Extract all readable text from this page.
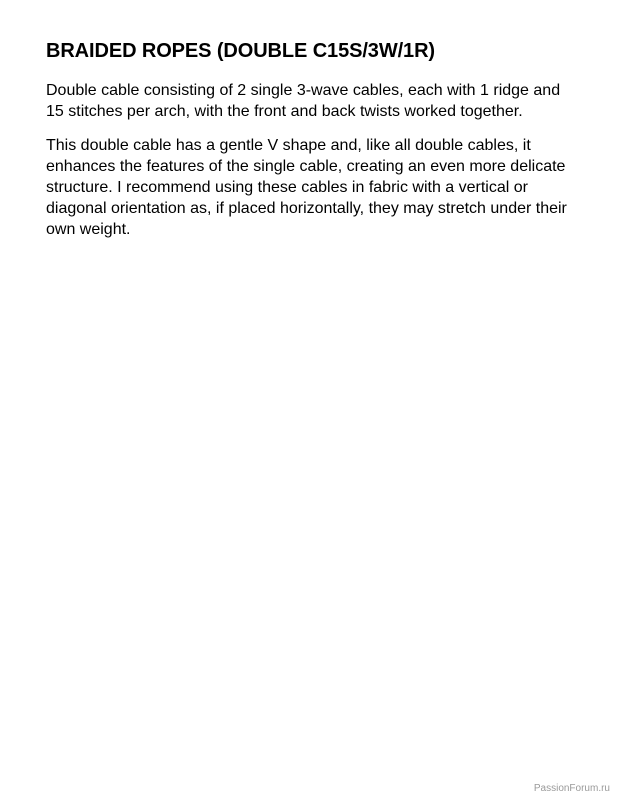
BRAIDED ROPES (DOUBLE C15S/3W/1R)

Double cable consisting of 2 single 3-wave cables, each with 1 ridge and 15 stitches per arch, with the front and back twists worked together.

This double cable has a gentle V shape and, like all double cables, it enhances the features of the single cable, creating an even more delicate structure. I recommend using these cables in fabric with a vertical or diagonal orientation as, if placed horizontally, they may stretch under their own weight.

PassionForum.ru
